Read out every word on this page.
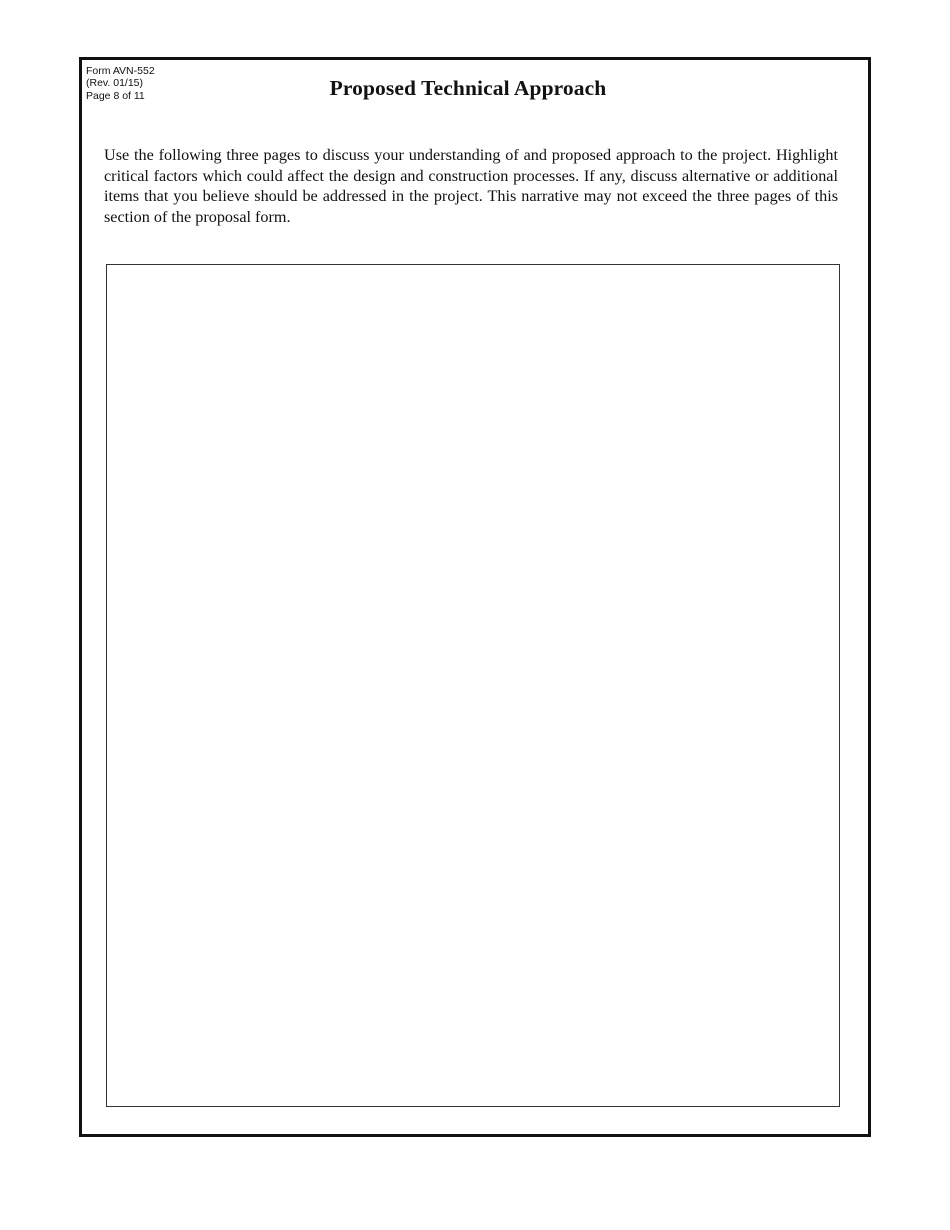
Form AVN-552
(Rev. 01/15)
Page 8 of 11	Proposed Technical Approach
Use the following three pages to discuss your understanding of and proposed approach to the project. Highlight critical factors which could affect the design and construction processes. If any, discuss alternative or additional items that you believe should be addressed in the project. This narrative may not exceed the three pages of this section of the proposal form.
